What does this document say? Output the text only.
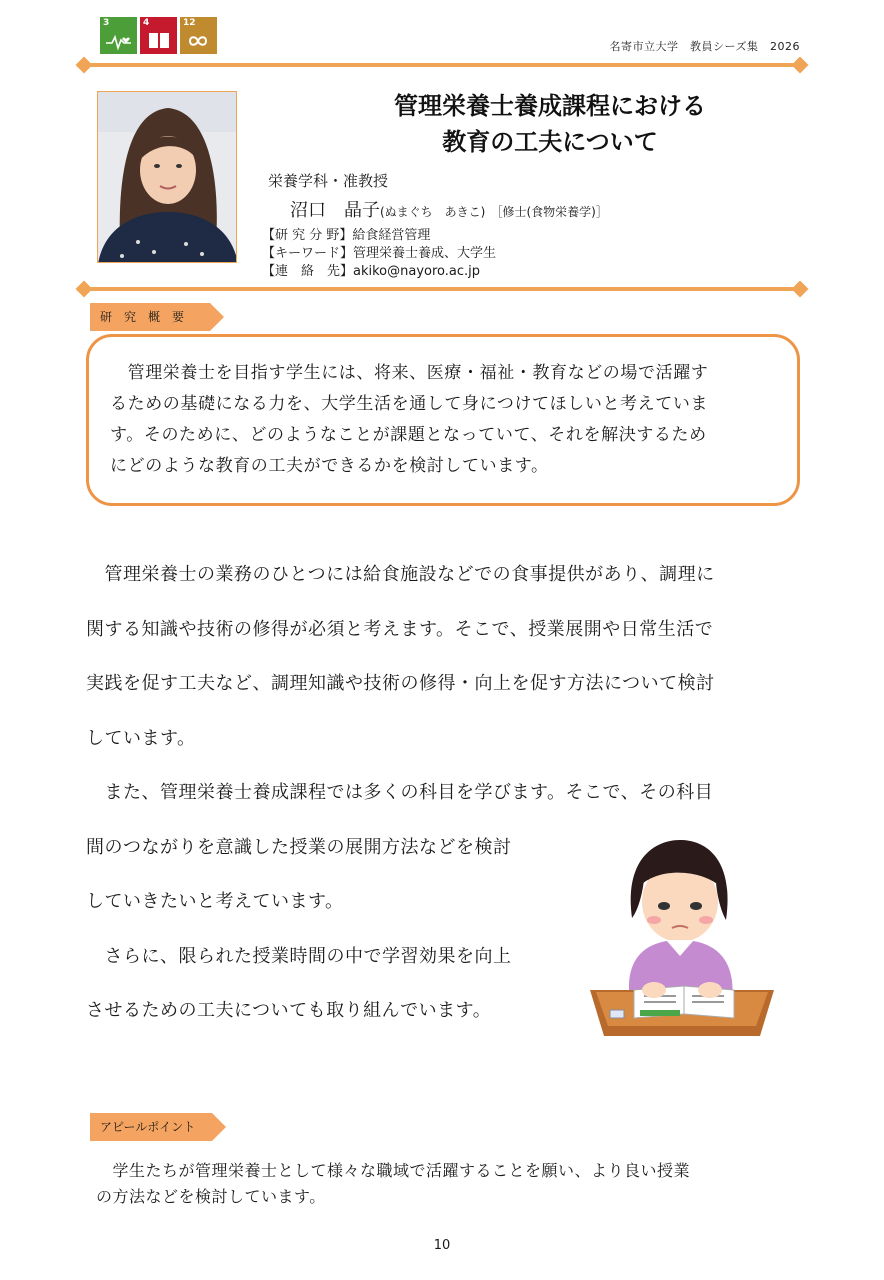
3	4	12
名寄市立大学　教員シーズ集　2026
管理栄養士養成課程における
教育の工夫について
栄養学科・准教授
沼口　晶子(ぬまぐち　あきこ) ［修士(食物栄養学)］
【研 究 分 野】給食経営管理
【キーワード】管理栄養士養成、大学生
【連　絡　先】akiko@nayoro.ac.jp
研　究　概　要
　管理栄養士を目指す学生には、将来、医療・福祉・教育などの場で活躍す
るための基礎になる力を、大学生活を通して身につけてほしいと考えていま
す。そのために、どのようなことが課題となっていて、それを解決するため
にどのような教育の工夫ができるかを検討しています。
　管理栄養士の業務のひとつには給食施設などでの食事提供があり、調理に
関する知識や技術の修得が必須と考えます。そこで、授業展開や日常生活で
実践を促す工夫など、調理知識や技術の修得・向上を促す方法について検討
しています。
　また、管理栄養士養成課程では多くの科目を学びます。そこで、その科目
間のつながりを意識した授業の展開方法などを検討
していきたいと考えています。
　さらに、限られた授業時間の中で学習効果を向上
させるための工夫についても取り組んでいます。
アピールポイント
　学生たちが管理栄養士として様々な職域で活躍することを願い、より良い授業
の方法などを検討しています。
10
